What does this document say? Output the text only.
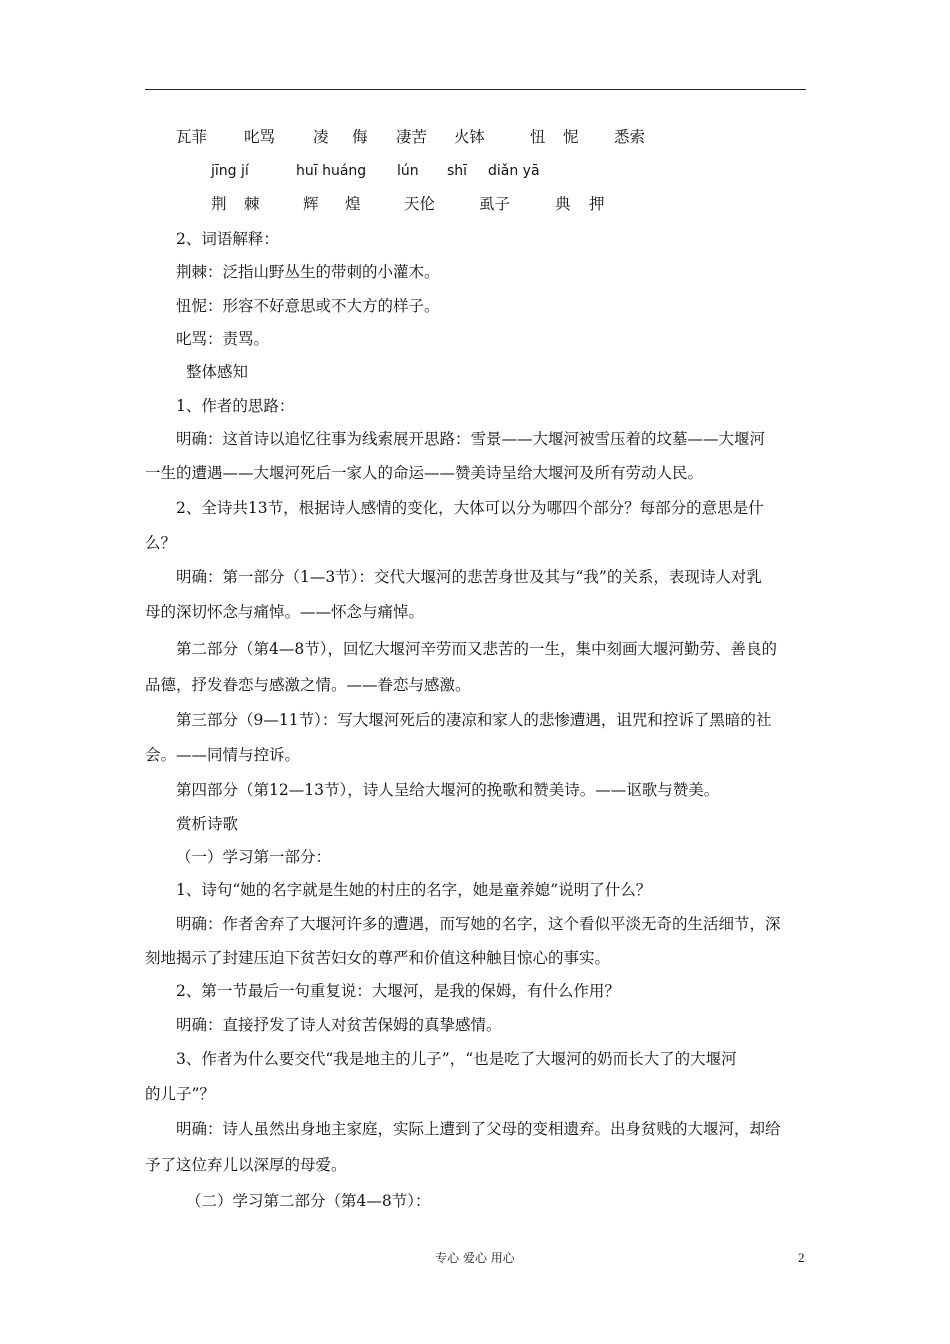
瓦菲 叱骂 凌 侮 凄苦 火钵	忸 怩 悉索
jīng jí	huī huáng lún shī diǎn yā
荆 棘	辉 煌	天伦	虱子	典 押
2、词语解释：
荆棘：泛指山野丛生的带刺的小灌木。
忸怩：形容不好意思或不大方的样子。
叱骂：责骂。
整体感知
1、作者的思路：
明确：这首诗以追忆往事为线索展开思路：雪景——大堰河被雪压着的坟墓——大堰河
一生的遭遇——大堰河死后一家人的命运——赞美诗呈给大堰河及所有劳动人民。
2、全诗共13节，根据诗人感情的变化，大体可以分为哪四个部分？每部分的意思是什
么？
明确：第一部分（1—3节）：交代大堰河的悲苦身世及其与“我”的关系，表现诗人对乳
母的深切怀念与痛悼。——怀念与痛悼。
第二部分（第4—8节），回忆大堰河辛劳而又悲苦的一生，集中刻画大堰河勤劳、善良的
品德，抒发眷恋与感激之情。——眷恋与感激。
第三部分（9—11节）：写大堰河死后的凄凉和家人的悲惨遭遇，诅咒和控诉了黑暗的社
会。——同情与控诉。
第四部分（第12—13节），诗人呈给大堰河的挽歌和赞美诗。——讴歌与赞美。
赏析诗歌
（一）学习第一部分：
1、诗句“她的名字就是生她的村庄的名字，她是童养媳”说明了什么？
明确：作者舍弃了大堰河许多的遭遇，而写她的名字，这个看似平淡无奇的生活细节，深
刻地揭示了封建压迫下贫苦妇女的尊严和价值这种触目惊心的事实。
2、第一节最后一句重复说：大堰河，是我的保姆，有什么作用？
明确：直接抒发了诗人对贫苦保姆的真挚感情。
3、作者为什么要交代“我是地主的儿子”，“也是吃了大堰河的奶而长大了的大堰河
的儿子”？
明确：诗人虽然出身地主家庭，实际上遭到了父母的变相遗弃。出身贫贱的大堰河，却给
予了这位弃儿以深厚的母爱。
（二）学习第二部分（第4—8节）：
专心 爱心 用心	2
